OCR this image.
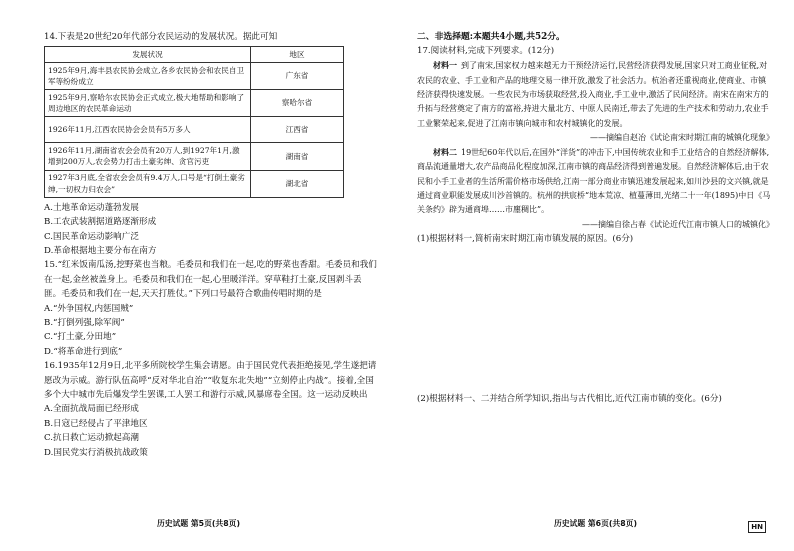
14.下表是20世纪20年代部分农民运动的发展状况。据此可知

发展状况	地区
1925年9月,海丰县农民协会成立,各乡农民协会和农民自卫军等纷纷成立	广东省
1925年9月,察哈尔农民协会正式成立,极大地帮助和影响了周边地区的农民革命运动	察哈尔省
1926年11月,江西农民协会会员有5万多人	江西省
1926年11月,湖南省农会会员有20万人,到1927年1月,激增到200万人,农会势力打击土豪劣绅、贪官污吏	湖南省
1927年3月底,全省农会会员有9.4万人,口号是“打倒土豪劣绅,一切权力归农会”	湖北省

A.土地革命运动蓬勃发展

B.工农武装割据道路逐渐形成

C.国民革命运动影响广泛

D.革命根据地主要分布在南方

15.“红米饭南瓜汤,挖野菜也当粮。毛委员和我们在一起,吃的野菜也香甜。毛委员和我们在一起,金丝被盖身上。毛委员和我们在一起,心里暖洋洋。穿草鞋打土豪,反国剥斗丢匪。毛委员和我们在一起,天天打胜仗。”下列口号最符合歌曲传唱时期的是

A.“外争国权,内惩国贼”

B.“打倒列强,除军阀”

C.“打土豪,分田地”

D.“将革命进行到底”

16.1935年12月9日,北平多所院校学生集会请愿。由于国民党代表拒绝接见,学生遂把请愿改为示威。游行队伍高呼“反对华北自治”“收复东北失地”“立刻停止内战”。接着,全国多个大中城市先后爆发学生罢课,工人罢工和游行示威,风暴席卷全国。这一运动反映出

A.全面抗战局面已经形成

B.日寇已经侵占了平津地区

C.抗日救亡运动掀起高潮

D.国民党实行消极抗战政策

历史试题 第5页(共8页)

二、非选择题:本题共4小题,共52分。

17.阅读材料,完成下列要求。(12分)

材料一 到了南宋,国家权力越来越无力干预经济运行,民营经济获得发展,国家只对工商业征税,对农民的农业、手工业和产品的地理交易一律开放,激发了社会活力。杭治者还重视商业,使商业、市镇经济获得快速发展。一些农民为市场获取经营,投入商业,手工业中,激活了民间经济。南宋在南宋方的升拓与经营奠定了南方的富裕,持进大量北方、中原人民南迁,带去了先进的生产技术和劳动力,农业手工业繁荣起来,促进了江南市镇向城市和农村城镇化的发展。

——摘编自赵冶《试论南宋时期江南的城镇化现象》

材料二 19世纪60年代以后,在国外“洋货”的冲击下,中国传统农业和手工业结合的自然经济解体,商品流通量增大,农产品商品化程度加深,江南市镇的商品经济得到普遍发展。自然经济解体后,由于农民和小手工业者的生活所需价格市场供给,江南一部分商业市镇迅速发展起来,如川沙县的文兴镇,就是通过商业职能发展成川沙首镇的。杭州的拱宸桥“地本荒凉、植蔓薄田,光绪二十一年(1895)中日《马关条约》辟为通商埠……市廛稠比”。

——摘编自徐占春《试论近代江南市镇人口的城镇化》

(1)根据材料一,简析南宋时期江南市镇发展的原因。(6分)

(2)根据材料一、二并结合所学知识,指出与古代相比,近代江南市镇的变化。(6分)

历史试题 第6页(共8页)	HN
